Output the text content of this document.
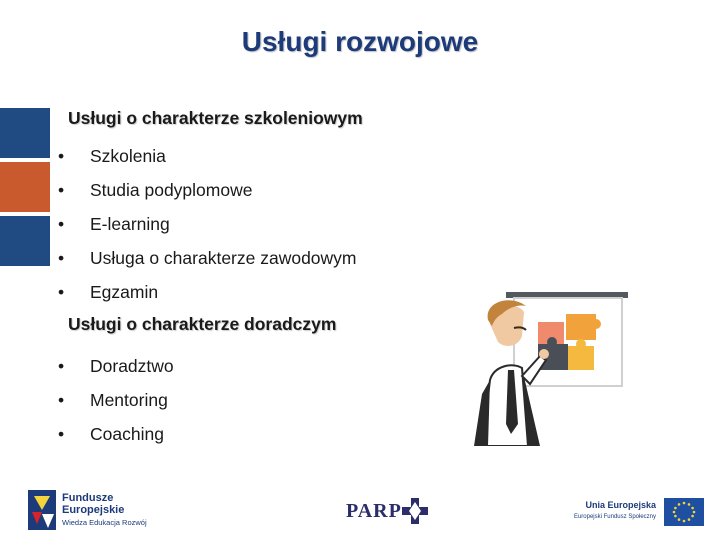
Usługi rozwojowe
Usługi o charakterze szkoleniowym
•	Szkolenia
•	Studia podyplomowe
•	E-learning
•	Usługa o charakterze zawodowym
•	Egzamin
Usługi o charakterze doradczym
•	Doradztwo
•	Mentoring
•	Coaching
Fundusze
Europejskie
Wiedza Edukacja Rozwój
PARP	Unia Europejska
Europejski Fundusz Społeczny
